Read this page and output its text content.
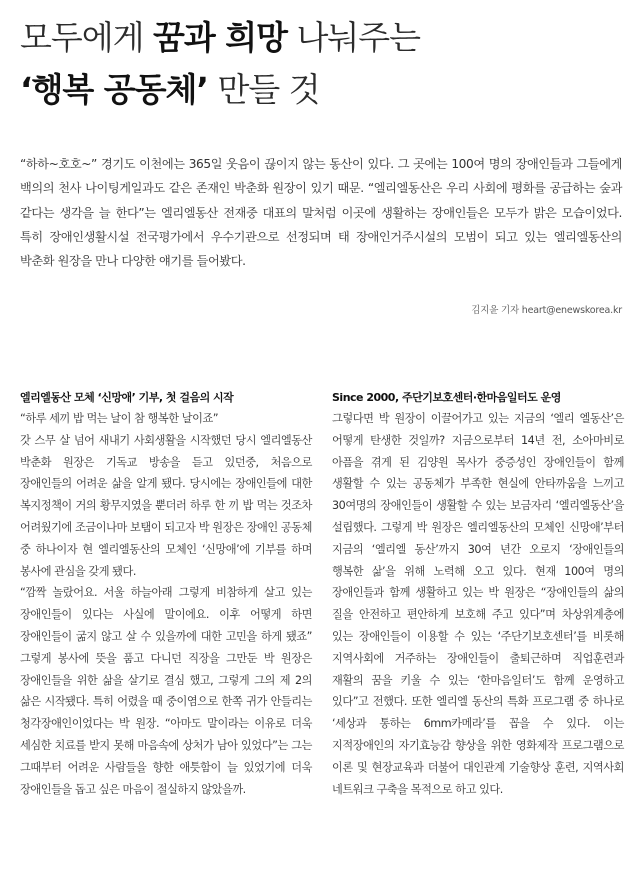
모두에게 꿈과 희망 나눠주는
‘행복 공동체’ 만들 것
“하하~호호~” 경기도 이천에는 365일 웃음이 끊이지 않는 동산이 있다. 그 곳에는 100여 명의 장애인들과 그들에게 백의의 천사 나이팅게일과도 같은 존재인 박춘화 원장이 있기 때문. “엘리엘동산은 우리 사회에 평화를 공급하는 숲과 같다는 생각을 늘 한다”는 엘리엘동산 전재중 대표의 말처럼 이곳에 생활하는 장애인들은 모두가 밝은 모습이었다. 특히 장애인생활시설 전국평가에서 우수기관으로 선정되며 태 장애인거주시설의 모범이 되고 있는 엘리엘동산의 박춘화 원장을 만나 다양한 얘기를 들어봤다.
김지윤 기자 heart@enewskorea.kr
엘리엘동산 모체 ‘신망애’ 기부, 첫 걸음의 시작

“하루 세끼 밥 먹는 날이 참 행복한 날이죠”

갓 스무 살 넘어 새내기 사회생활을 시작했던 당시 엘리엘동산 박춘화 원장은 기독교 방송을 듣고 있던중, 처음으로 장애인들의 어려운 삶을 알게 됐다. 당시에는 장애인들에 대한 복지정책이 거의 황무지였을 뿐더러 하루 한 끼 밥 먹는 것조차 어려웠기에 조금이나마 보탬이 되고자 박 원장은 장애인 공동체 중 하나이자 현 엘리엘동산의 모체인 ‘신망애’에 기부를 하며 봉사에 관심을 갖게 됐다.

“깜짝 놀랐어요. 서울 하늘아래 그렇게 비참하게 살고 있는 장애인들이 있다는 사실에 말이에요. 이후 어떻게 하면 장애인들이 굶지 않고 살 수 있을까에 대한 고민을 하게 됐죠” 그렇게 봉사에 뜻을 품고 다니던 직장을 그만둔 박 원장은 장애인들을 위한 삶을 살기로 결심 했고, 그렇게 그의 제 2의 삶은 시작됐다. 특히 어렸을 때 중이염으로 한쪽 귀가 안들리는 청각장애인이었다는 박 원장. “아마도 말이라는 이유로 더욱 세심한 치료를 받지 못해 마음속에 상처가 남아 있었다”는 그는 그때부터 어려운 사람들을 향한 애틋함이 늘 있었기에 더욱 장애인들을 돕고 싶은 마음이 절실하지 않았을까.

Since 2000, 주단기보호센터·한마음일터도 운영

그렇다면 박 원장이 이끌어가고 있는 지금의 ‘엘리 엘동산’은 어떻게 탄생한 것일까? 지금으로부터 14년 전, 소아마비로 아픔을 겪게 된 김양원 목사가 중증성인 장애인들이 함께 생활할 수 있는 공동체가 부족한 현실에 안타까움을 느끼고 30여명의 장애인들이 생활할 수 있는 보금자리 ‘엘리엘동산’을 설립했다. 그렇게 박 원장은 엘리엘동산의 모체인 신망애’부터 지금의 ‘엘리엘 동산’까지 30여 년간 오로지 ‘장애인들의 행복한 삶’을 위해 노력해 오고 있다. 현재 100여 명의 장애인들과 함께 생활하고 있는 박 원장은 “장애인들의 삶의 질을 안전하고 편안하게 보호해 주고 있다”며 차상위계층에 있는 장애인들이 이용할 수 있는 ‘주단기보호센터’를 비롯해 지역사회에 거주하는 장애인들이 출퇴근하며 직업훈련과 재활의 꿈을 키울 수 있는 ‘한마음일터’도 함께 운영하고 있다”고 전했다. 또한 엘리엘 동산의 특화 프로그램 중 하나로 ‘세상과 통하는 6mm카메라’를 꼽을 수 있다. 이는 지적장애인의 자기효능감 향상을 위한 영화제작 프로그램으로 이론 및 현장교육과 더불어 대인관계 기술향상 훈련, 지역사회 네트워크 구축을 목적으로 하고 있다.
